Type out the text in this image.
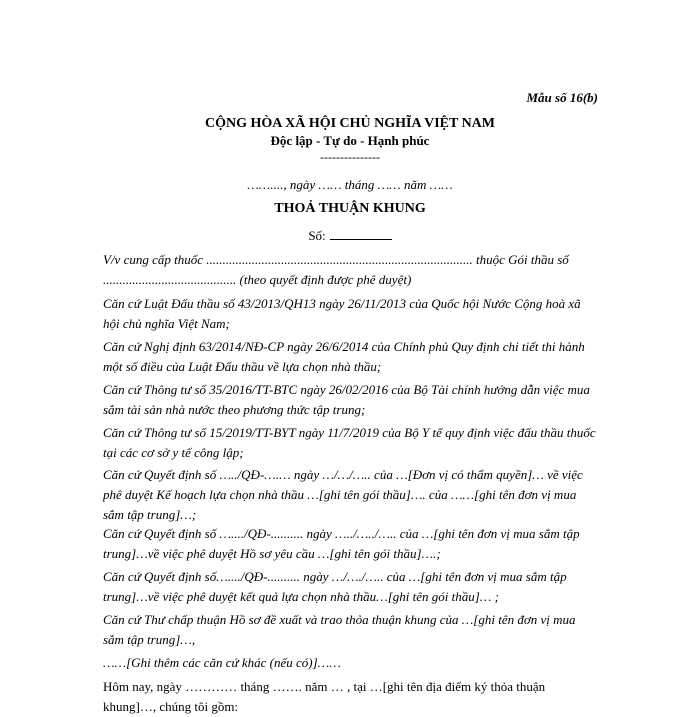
Mẫu số 16(b)
CỘNG HÒA XÃ HỘI CHỦ NGHĨA VIỆT NAM
Độc lập - Tự do - Hạnh phúc
---------------
……...., ngày …… tháng …… năm ……
THOẢ THUẬN KHUNG
Số:

V/v cung cấp thuốc .................................................................................. thuộc Gói thầu số ......................................... (theo quyết định được phê duyệt)

Căn cứ Luật Đấu thầu số 43/2013/QH13 ngày 26/11/2013 của Quốc hội Nước Cộng hoà xã hội chủ nghĩa Việt Nam;

Căn cứ Nghị định 63/2014/NĐ-CP ngày 26/6/2014 của Chính phủ Quy định chi tiết thi hành một số điều của Luật Đấu thầu về lựa chọn nhà thầu;

Căn cứ Thông tư số 35/2016/TT-BTC ngày 26/02/2016 của Bộ Tài chính hướng dẫn việc mua sắm tài sản nhà nước theo phương thức tập trung;

Căn cứ Thông tư số 15/2019/TT-BYT ngày 11/7/2019 của Bộ Y tế quy định việc đấu thầu thuốc tại các cơ sở y tế công lập;

Căn cứ Quyết định số …../QĐ-….… ngày …/…/….. của …[Đơn vị có thẩm quyền]… về việc phê duyệt Kế hoạch lựa chọn nhà thầu …[ghi tên gói thầu]…. của ……[ghi tên đơn vị mua sắm tập trung]…;

Căn cứ Quyết định số …..../QĐ-.......... ngày …../…../….. của …[ghi tên đơn vị mua sắm tập trung]…về việc phê duyệt Hồ sơ yêu cầu …[ghi tên gói thầu]….;

Căn cứ Quyết định số…..../QĐ-.......... ngày …/…./….. của …[ghi tên đơn vị mua sắm tập trung]…về việc phê duyệt kết quả lựa chọn nhà thầu…[ghi tên gói thầu]… ;

Căn cứ Thư chấp thuận Hồ sơ đề xuất và trao thỏa thuận khung của …[ghi tên đơn vị mua sắm tập trung]…,

……[Ghi thêm các căn cứ khác (nếu có)]……

Hôm nay, ngày ………… tháng ……. năm … , tại …[ghi tên địa điểm ký thỏa thuận khung]…, chúng tôi gồm:
